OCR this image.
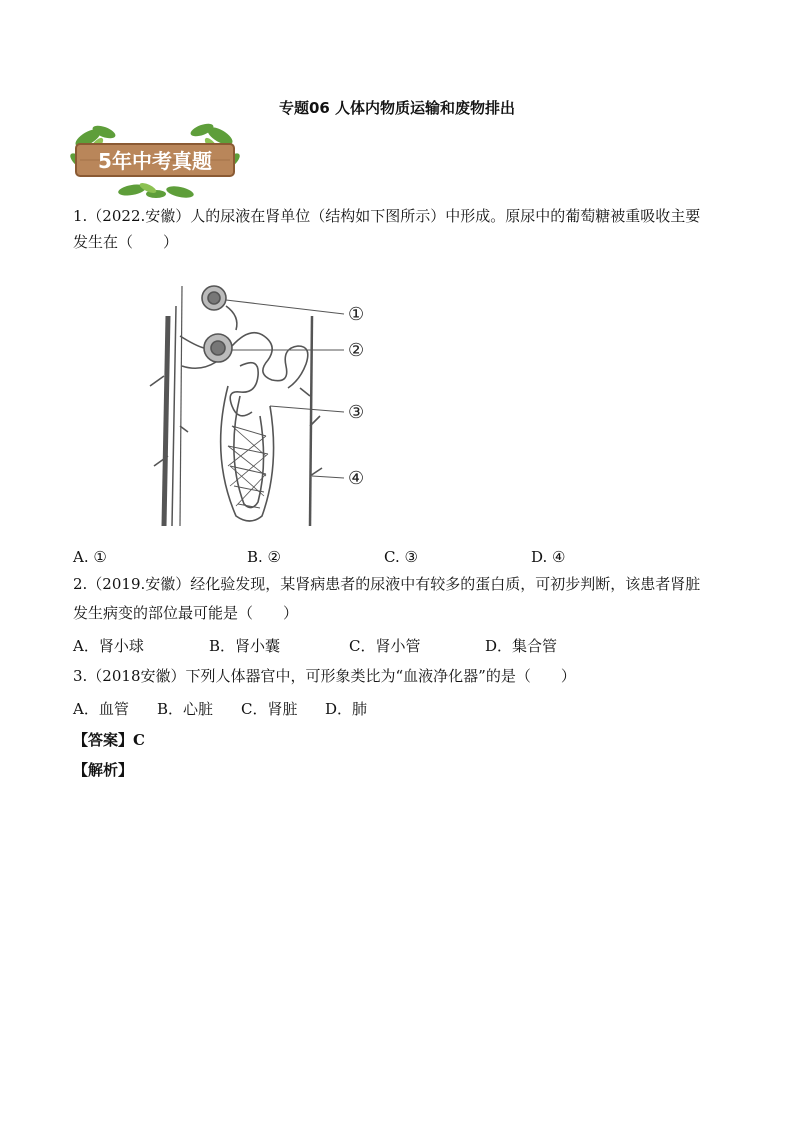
专题06 人体内物质运输和废物排出
5年中考真题
1.（2022.安徽）人的尿液在肾单位（结构如下图所示）中形成。原尿中的葡萄糖被重吸收主要
发生在（　　）
①
②
③
④
A. ①	B. ②	C. ③	D. ④
2.（2019.安徽）经化验发现，某肾病患者的尿液中有较多的蛋白质，可初步判断，该患者肾脏
发生病变的部位最可能是（　　）
A．肾小球	B．肾小囊	C．肾小管	D．集合管
3.（2018安徽）下列人体器官中，可形象类比为“血液净化器”的是（　　）
A．血管 B．心脏 C．肾脏 D．肺
【答案】C
【解析】
